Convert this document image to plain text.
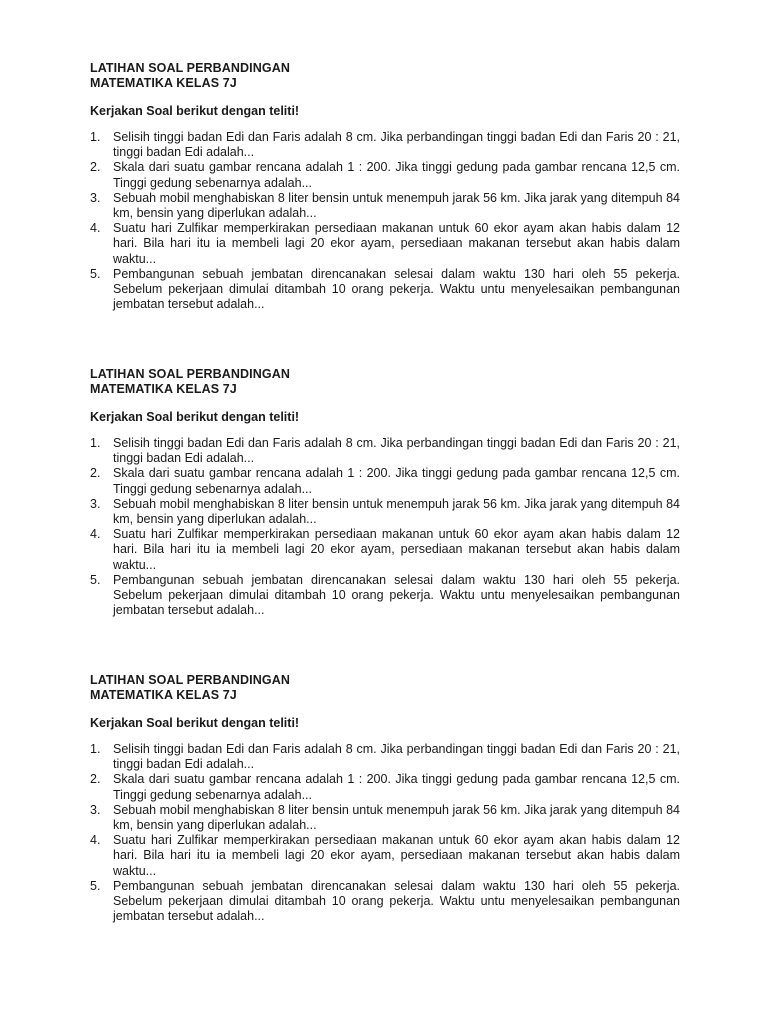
LATIHAN SOAL PERBANDINGAN
MATEMATIKA KELAS 7J

Kerjakan Soal berikut dengan teliti!

1. Selisih tinggi badan Edi dan Faris adalah 8 cm. Jika perbandingan tinggi badan Edi dan Faris 20 : 21, tinggi badan Edi adalah...
2. Skala dari suatu gambar rencana adalah 1 : 200. Jika tinggi gedung pada gambar rencana 12,5 cm. Tinggi gedung sebenarnya adalah...
3. Sebuah mobil menghabiskan 8 liter bensin untuk menempuh jarak 56 km. Jika jarak yang ditempuh 84 km, bensin yang diperlukan adalah...
4. Suatu hari Zulfikar memperkirakan persediaan makanan untuk 60 ekor ayam akan habis dalam 12 hari. Bila hari itu ia membeli lagi 20 ekor ayam, persediaan makanan tersebut akan habis dalam waktu...
5. Pembangunan sebuah jembatan direncanakan selesai dalam waktu 130 hari oleh 55 pekerja. Sebelum pekerjaan dimulai ditambah 10 orang pekerja. Waktu untu menyelesaikan pembangunan jembatan tersebut adalah...
LATIHAN SOAL PERBANDINGAN
MATEMATIKA KELAS 7J

Kerjakan Soal berikut dengan teliti!

1. Selisih tinggi badan Edi dan Faris adalah 8 cm. Jika perbandingan tinggi badan Edi dan Faris 20 : 21, tinggi badan Edi adalah...
2. Skala dari suatu gambar rencana adalah 1 : 200. Jika tinggi gedung pada gambar rencana 12,5 cm. Tinggi gedung sebenarnya adalah...
3. Sebuah mobil menghabiskan 8 liter bensin untuk menempuh jarak 56 km. Jika jarak yang ditempuh 84 km, bensin yang diperlukan adalah...
4. Suatu hari Zulfikar memperkirakan persediaan makanan untuk 60 ekor ayam akan habis dalam 12 hari. Bila hari itu ia membeli lagi 20 ekor ayam, persediaan makanan tersebut akan habis dalam waktu...
5. Pembangunan sebuah jembatan direncanakan selesai dalam waktu 130 hari oleh 55 pekerja. Sebelum pekerjaan dimulai ditambah 10 orang pekerja. Waktu untu menyelesaikan pembangunan jembatan tersebut adalah...
LATIHAN SOAL PERBANDINGAN
MATEMATIKA KELAS 7J

Kerjakan Soal berikut dengan teliti!

1. Selisih tinggi badan Edi dan Faris adalah 8 cm. Jika perbandingan tinggi badan Edi dan Faris 20 : 21, tinggi badan Edi adalah...
2. Skala dari suatu gambar rencana adalah 1 : 200. Jika tinggi gedung pada gambar rencana 12,5 cm. Tinggi gedung sebenarnya adalah...
3. Sebuah mobil menghabiskan 8 liter bensin untuk menempuh jarak 56 km. Jika jarak yang ditempuh 84 km, bensin yang diperlukan adalah...
4. Suatu hari Zulfikar memperkirakan persediaan makanan untuk 60 ekor ayam akan habis dalam 12 hari. Bila hari itu ia membeli lagi 20 ekor ayam, persediaan makanan tersebut akan habis dalam waktu...
5. Pembangunan sebuah jembatan direncanakan selesai dalam waktu 130 hari oleh 55 pekerja. Sebelum pekerjaan dimulai ditambah 10 orang pekerja. Waktu untu menyelesaikan pembangunan jembatan tersebut adalah...
